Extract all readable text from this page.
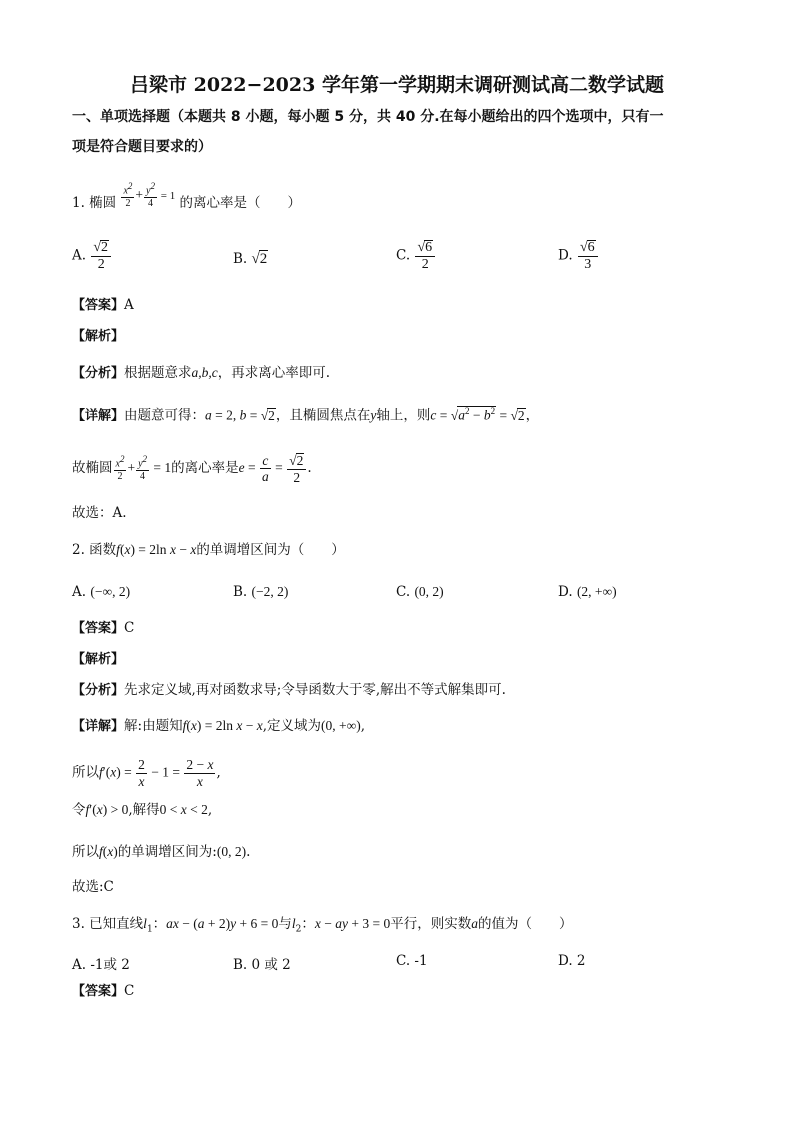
吕梁市 2022−2023 学年第一学期期末调研测试高二数学试题
一、单项选择题（本题共 8 小题，每小题 5 分，共 40 分.在每小题给出的四个选项中，只有一
项是符合题目要求的）
1. 椭圆 $\frac{x^2}{2} + \frac{y^2}{4} ^{= 1}$ 的离心率是（　　）
A. $\frac{√2}{2}$	B. √2	C. $\frac{√6}{2}$	D. $\frac{√6}{3}$
【答案】A
【解析】
【分析】根据题意求a,b,c，再求离心率即可.
【详解】由题意可得：a = 2, b = √2，且椭圆焦点在y轴上，则$c = √a^2 - b^2 = √2$，
故椭圆 $\frac{x^2}{2} + \frac{y^2}{4} = 1$的离心率是$e = \frac{c}{a} = \frac{√2}{2}$ .
故选：A.
2. 函数f(x) = 2ln x − x的单调增区间为（　　）
A. (−∞, 2)	B. (−2, 2)	C. (0, 2)	D. (2, +∞)
【答案】C
【解析】
【分析】先求定义域,再对函数求导;令导函数大于零,解出不等式解集即可.
【详解】解:由题知f(x) = 2ln x − x,定义域为(0, +∞),
所以$f'(x) = \frac{2}{x} - 1 = \frac{2 - x}{x}$ ,
令f′(x) > 0,解得0 < x < 2,
所以f(x)的单调增区间为:(0, 2).
故选:C
3. 已知直线$l_1$：ax − (a + 2)y + 6 = 0与$l_2$：x − ay + 3 = 0平行，则实数a的值为（　　）
A. -1或 2	B. 0 或 2	C. -1	D. 2
【答案】C
